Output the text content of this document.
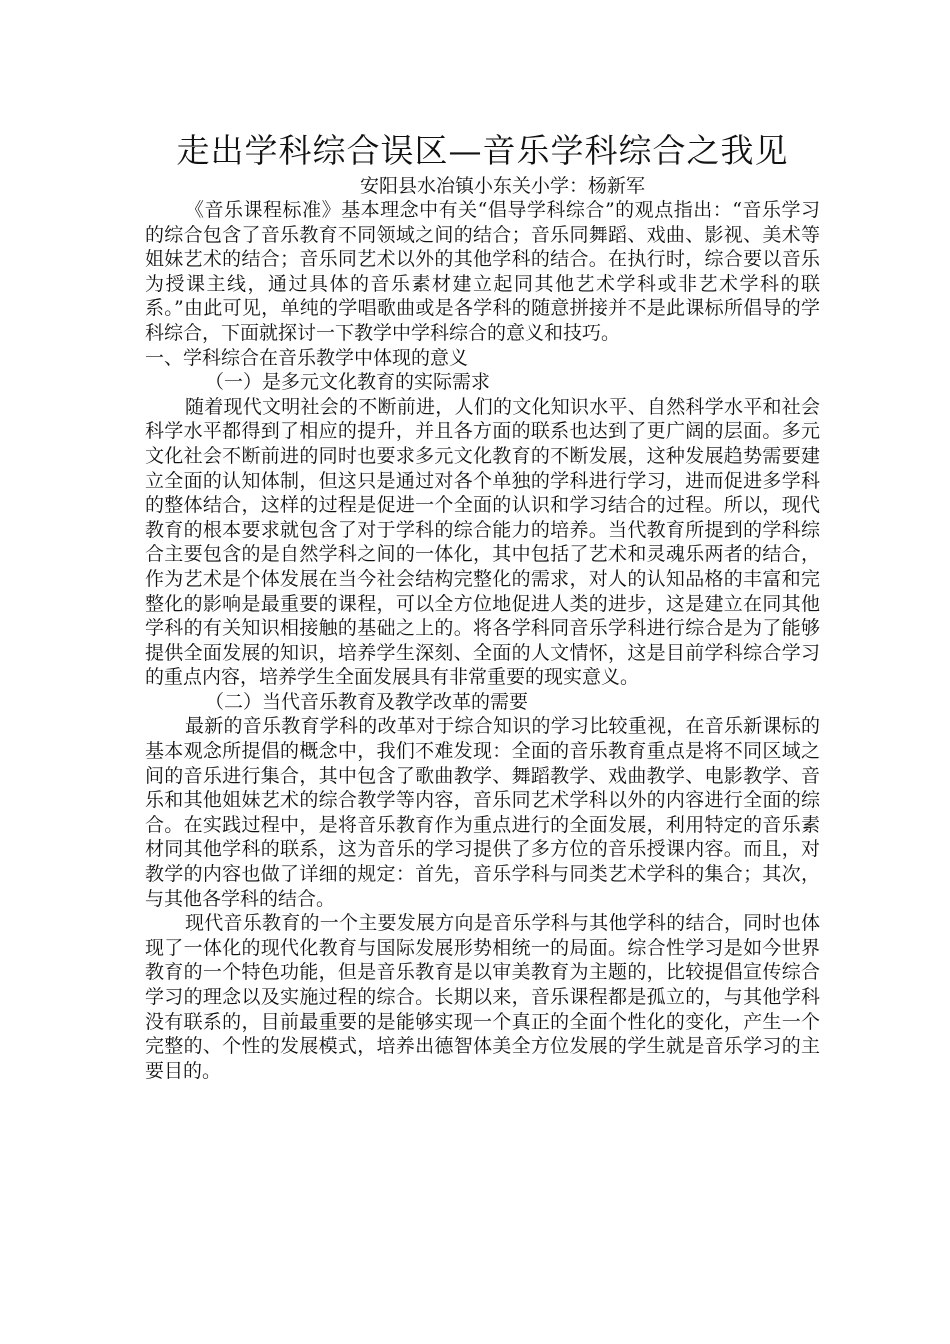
走出学科综合误区—音乐学科综合之我见

安阳县水冶镇小东关小学：杨新军

《音乐课程标准》基本理念中有关“倡导学科综合”的观点指出：“音乐学习的综合包含了音乐教育不同领域之间的结合；音乐同舞蹈、戏曲、影视、美术等姐妹艺术的结合；音乐同艺术以外的其他学科的结合。在执行时，综合要以音乐为授课主线，通过具体的音乐素材建立起同其他艺术学科或非艺术学科的联系。”由此可见，单纯的学唱歌曲或是各学科的随意拼接并不是此课标所倡导的学科综合，下面就探讨一下教学中学科综合的意义和技巧。

一、学科综合在音乐教学中体现的意义

（一）是多元文化教育的实际需求

随着现代文明社会的不断前进，人们的文化知识水平、自然科学水平和社会科学水平都得到了相应的提升，并且各方面的联系也达到了更广阔的层面。多元文化社会不断前进的同时也要求多元文化教育的不断发展，这种发展趋势需要建立全面的认知体制，但这只是通过对各个单独的学科进行学习，进而促进多学科的整体结合，这样的过程是促进一个全面的认识和学习结合的过程。所以，现代教育的根本要求就包含了对于学科的综合能力的培养。当代教育所提到的学科综合主要包含的是自然学科之间的一体化，其中包括了艺术和灵魂乐两者的结合，作为艺术是个体发展在当今社会结构完整化的需求，对人的认知品格的丰富和完整化的影响是最重要的课程，可以全方位地促进人类的进步，这是建立在同其他学科的有关知识相接触的基础之上的。将各学科同音乐学科进行综合是为了能够提供全面发展的知识，培养学生深刻、全面的人文情怀，这是目前学科综合学习的重点内容，培养学生全面发展具有非常重要的现实意义。

（二）当代音乐教育及教学改革的需要

最新的音乐教育学科的改革对于综合知识的学习比较重视，在音乐新课标的基本观念所提倡的概念中，我们不难发现：全面的音乐教育重点是将不同区域之间的音乐进行集合，其中包含了歌曲教学、舞蹈教学、戏曲教学、电影教学、音乐和其他姐妹艺术的综合教学等内容，音乐同艺术学科以外的内容进行全面的综合。在实践过程中，是将音乐教育作为重点进行的全面发展，利用特定的音乐素材同其他学科的联系，这为音乐的学习提供了多方位的音乐授课内容。而且，对教学的内容也做了详细的规定：首先，音乐学科与同类艺术学科的集合；其次，与其他各学科的结合。

现代音乐教育的一个主要发展方向是音乐学科与其他学科的结合，同时也体现了一体化的现代化教育与国际发展形势相统一的局面。综合性学习是如今世界教育的一个特色功能，但是音乐教育是以审美教育为主题的，比较提倡宣传综合学习的理念以及实施过程的综合。长期以来，音乐课程都是孤立的，与其他学科没有联系的，目前最重要的是能够实现一个真正的全面个性化的变化，产生一个完整的、个性的发展模式，培养出德智体美全方位发展的学生就是音乐学习的主要目的。
